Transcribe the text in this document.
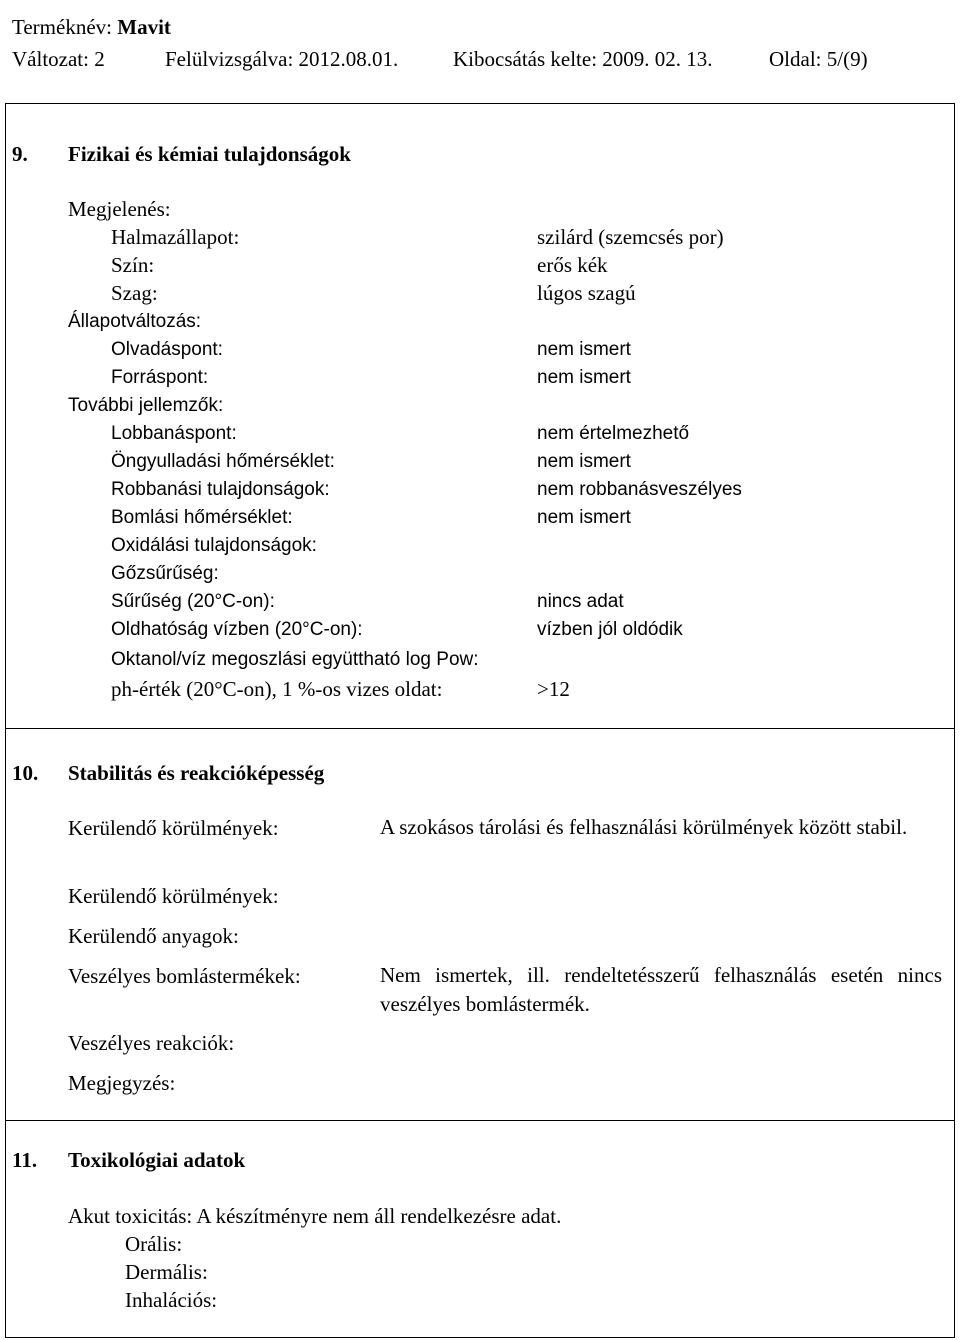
Terméknév: Mavit
Változat: 2	Felülvizsgálva: 2012.08.01.	Kibocsátás kelte: 2009. 02. 13.	Oldal: 5/(9)
9. Fizikai és kémiai tulajdonságok
Megjelenés:
Halmazállapot:	szilárd (szemcsés por)
Szín:	erős kék
Szag:	lúgos szagú
Állapotváltozás:
Olvadáspont:	nem ismert
Forráspont:	nem ismert
További jellemzők:
Lobbanáspont:	nem értelmezhető
Öngyulladási hőmérséklet:	nem ismert
Robbanási tulajdonságok:	nem robbanásveszélyes
Bomlási hőmérséklet:	nem ismert
Oxidálási tulajdonságok:
Gőzsűrűség:
Sűrűség (20°C-on):	nincs adat
Oldhatóság vízben (20°C-on):	vízben jól oldódik
Oktanol/víz megoszlási együttható log Pow:
ph-érték (20°C-on), 1 %-os vizes oldat:	>12
10. Stabilitás és reakcióképesség
Kerülendő körülmények:	A szokásos tárolási és felhasználási körülmények között stabil.
Kerülendő körülmények:
Kerülendő anyagok:
Veszélyes bomlástermékek:	Nem ismertek, ill. rendeltetésszerű felhasználás esetén nincs veszélyes bomlástermék.
Veszélyes reakciók:
Megjegyzés:
11. Toxikológiai adatok
Akut toxicitás: A készítményre nem áll rendelkezésre adat.
Orális:
Dermális:
Inhalációs:
